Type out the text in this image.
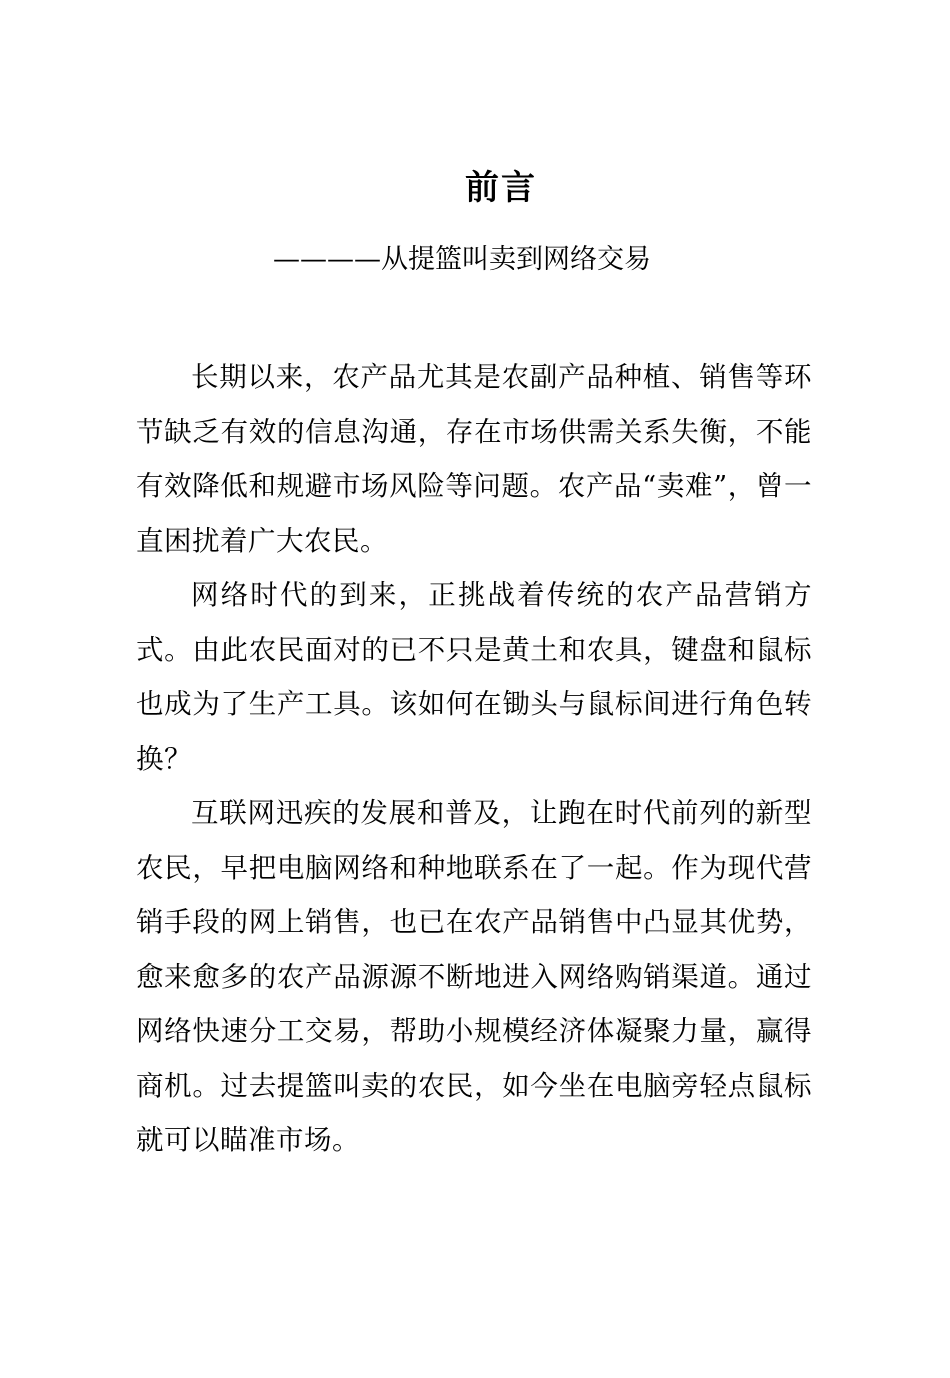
前言
————从提篮叫卖到网络交易

长期以来，农产品尤其是农副产品种植、销售等环节缺乏有效的信息沟通，存在市场供需关系失衡，不能有效降低和规避市场风险等问题。农产品“卖难”，曾一直困扰着广大农民。

网络时代的到来，正挑战着传统的农产品营销方式。由此农民面对的已不只是黄土和农具，键盘和鼠标也成为了生产工具。该如何在锄头与鼠标间进行角色转换？

互联网迅疾的发展和普及，让跑在时代前列的新型农民，早把电脑网络和种地联系在了一起。作为现代营销手段的网上销售，也已在农产品销售中凸显其优势，愈来愈多的农产品源源不断地进入网络购销渠道。通过网络快速分工交易，帮助小规模经济体凝聚力量，赢得商机。过去提篮叫卖的农民，如今坐在电脑旁轻点鼠标就可以瞄准市场。
